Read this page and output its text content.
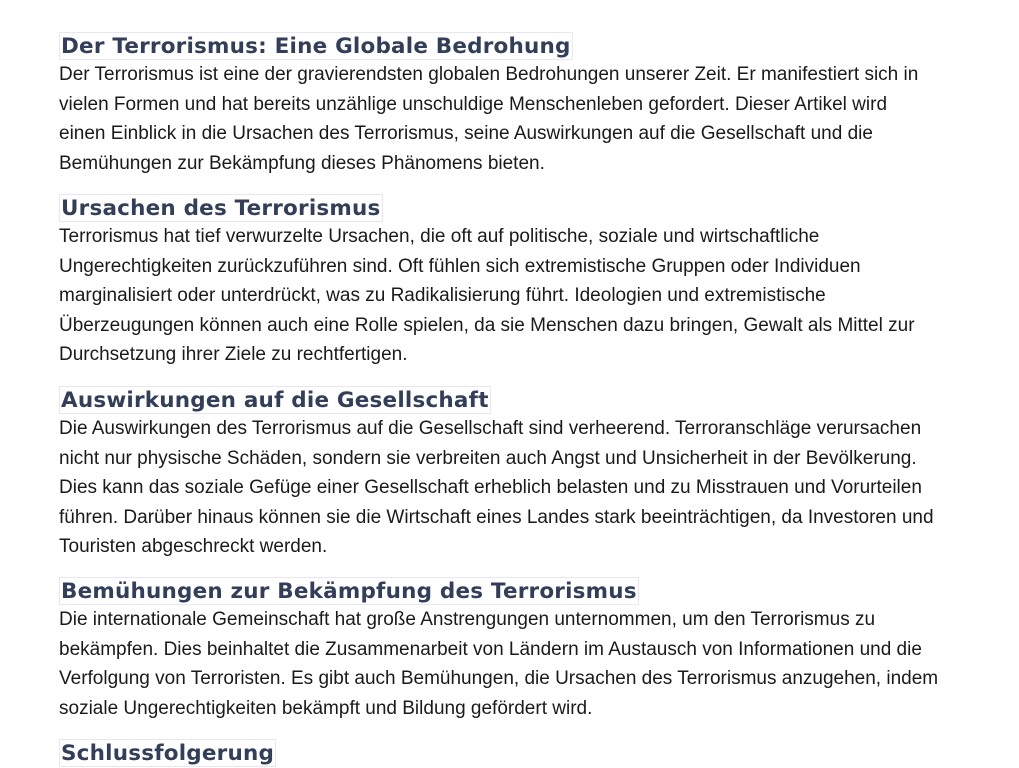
Der Terrorismus: Eine Globale Bedrohung
Der Terrorismus ist eine der gravierendsten globalen Bedrohungen unserer Zeit. Er manifestiert sich in
vielen Formen und hat bereits unzählige unschuldige Menschenleben gefordert. Dieser Artikel wird
einen Einblick in die Ursachen des Terrorismus, seine Auswirkungen auf die Gesellschaft und die
Bemühungen zur Bekämpfung dieses Phänomens bieten.
Ursachen des Terrorismus
Terrorismus hat tief verwurzelte Ursachen, die oft auf politische, soziale und wirtschaftliche
Ungerechtigkeiten zurückzuführen sind. Oft fühlen sich extremistische Gruppen oder Individuen
marginalisiert oder unterdrückt, was zu Radikalisierung führt. Ideologien und extremistische
Überzeugungen können auch eine Rolle spielen, da sie Menschen dazu bringen, Gewalt als Mittel zur
Durchsetzung ihrer Ziele zu rechtfertigen.
Auswirkungen auf die Gesellschaft
Die Auswirkungen des Terrorismus auf die Gesellschaft sind verheerend. Terroranschläge verursachen
nicht nur physische Schäden, sondern sie verbreiten auch Angst und Unsicherheit in der Bevölkerung.
Dies kann das soziale Gefüge einer Gesellschaft erheblich belasten und zu Misstrauen und Vorurteilen
führen. Darüber hinaus können sie die Wirtschaft eines Landes stark beeinträchtigen, da Investoren und
Touristen abgeschreckt werden.
Bemühungen zur Bekämpfung des Terrorismus
Die internationale Gemeinschaft hat große Anstrengungen unternommen, um den Terrorismus zu
bekämpfen. Dies beinhaltet die Zusammenarbeit von Ländern im Austausch von Informationen und die
Verfolgung von Terroristen. Es gibt auch Bemühungen, die Ursachen des Terrorismus anzugehen, indem
soziale Ungerechtigkeiten bekämpft und Bildung gefördert wird.
Schlussfolgerung
